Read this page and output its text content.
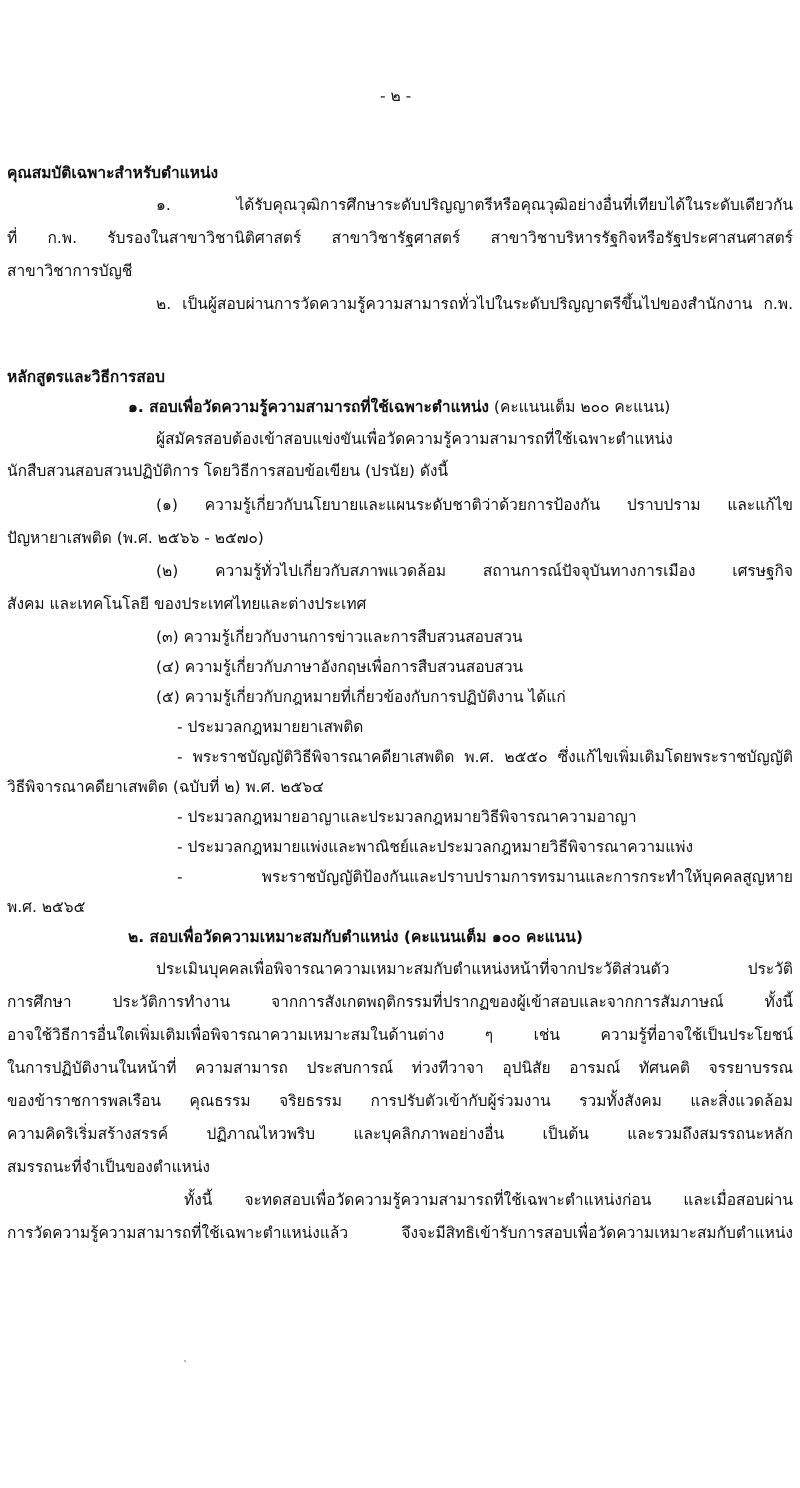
- ๒ -
คุณสมบัติเฉพาะสำหรับตำแหน่ง
๑. ได้รับคุณวุฒิการศึกษาระดับปริญญาตรีหรือคุณวุฒิอย่างอื่นที่เทียบได้ในระดับเดียวกัน
ที่ ก.พ. รับรองในสาขาวิชานิติศาสตร์ สาขาวิชารัฐศาสตร์ สาขาวิชาบริหารรัฐกิจหรือรัฐประศาสนศาสตร์
สาขาวิชาการบัญชี
๒. เป็นผู้สอบผ่านการวัดความรู้ความสามารถทั่วไปในระดับปริญญาตรีขึ้นไปของสำนักงาน ก.พ.
หลักสูตรและวิธีการสอบ
๑. สอบเพื่อวัดความรู้ความสามารถที่ใช้เฉพาะตำแหน่ง (คะแนนเต็ม ๒๐๐ คะแนน)
ผู้สมัครสอบต้องเข้าสอบแข่งขันเพื่อวัดความรู้ความสามารถที่ใช้เฉพาะตำแหน่ง
นักสืบสวนสอบสวนปฏิบัติการ โดยวิธีการสอบข้อเขียน (ปรนัย) ดังนี้
(๑) ความรู้เกี่ยวกับนโยบายและแผนระดับชาติว่าด้วยการป้องกัน ปราบปราม และแก้ไข
ปัญหายาเสพติด (พ.ศ. ๒๕๖๖ - ๒๕๗๐)
(๒) ความรู้ทั่วไปเกี่ยวกับสภาพแวดล้อม สถานการณ์ปัจจุบันทางการเมือง เศรษฐกิจ
สังคม และเทคโนโลยี ของประเทศไทยและต่างประเทศ
(๓) ความรู้เกี่ยวกับงานการข่าวและการสืบสวนสอบสวน
(๔) ความรู้เกี่ยวกับภาษาอังกฤษเพื่อการสืบสวนสอบสวน
(๕) ความรู้เกี่ยวกับกฎหมายที่เกี่ยวข้องกับการปฏิบัติงาน ได้แก่
- ประมวลกฎหมายยาเสพติด
- พระราชบัญญัติวิธีพิจารณาคดียาเสพติด พ.ศ. ๒๕๕๐ ซึ่งแก้ไขเพิ่มเติมโดยพระราชบัญญัติ
วิธีพิจารณาคดียาเสพติด (ฉบับที่ ๒) พ.ศ. ๒๕๖๔
- ประมวลกฎหมายอาญาและประมวลกฎหมายวิธีพิจารณาความอาญา
- ประมวลกฎหมายแพ่งและพาณิชย์และประมวลกฎหมายวิธีพิจารณาความแพ่ง
- พระราชบัญญัติป้องกันและปราบปรามการทรมานและการกระทำให้บุคคลสูญหาย
พ.ศ. ๒๕๖๕
๒. สอบเพื่อวัดความเหมาะสมกับตำแหน่ง (คะแนนเต็ม ๑๐๐ คะแนน)
ประเมินบุคคลเพื่อพิจารณาความเหมาะสมกับตำแหน่งหน้าที่จากประวัติส่วนตัว ประวัติ
การศึกษา ประวัติการทำงาน จากการสังเกตพฤติกรรมที่ปรากฏของผู้เข้าสอบและจากการสัมภาษณ์ ทั้งนี้
อาจใช้วิธีการอื่นใดเพิ่มเติมเพื่อพิจารณาความเหมาะสมในด้านต่าง ๆ เช่น ความรู้ที่อาจใช้เป็นประโยชน์
ในการปฏิบัติงานในหน้าที่ ความสามารถ ประสบการณ์ ท่วงทีวาจา อุปนิสัย อารมณ์ ทัศนคติ จรรยาบรรณ
ของข้าราชการพลเรือน คุณธรรม จริยธรรม การปรับตัวเข้ากับผู้ร่วมงาน รวมทั้งสังคม และสิ่งแวดล้อม
ความคิดริเริ่มสร้างสรรค์ ปฏิภาณไหวพริบ และบุคลิกภาพอย่างอื่น เป็นต้น และรวมถึงสมรรถนะหลัก
สมรรถนะที่จำเป็นของตำแหน่ง
ทั้งนี้ จะทดสอบเพื่อวัดความรู้ความสามารถที่ใช้เฉพาะตำแหน่งก่อน และเมื่อสอบผ่าน
การวัดความรู้ความสามารถที่ใช้เฉพาะตำแหน่งแล้ว จึงจะมีสิทธิเข้ารับการสอบเพื่อวัดความเหมาะสมกับตำแหน่ง
